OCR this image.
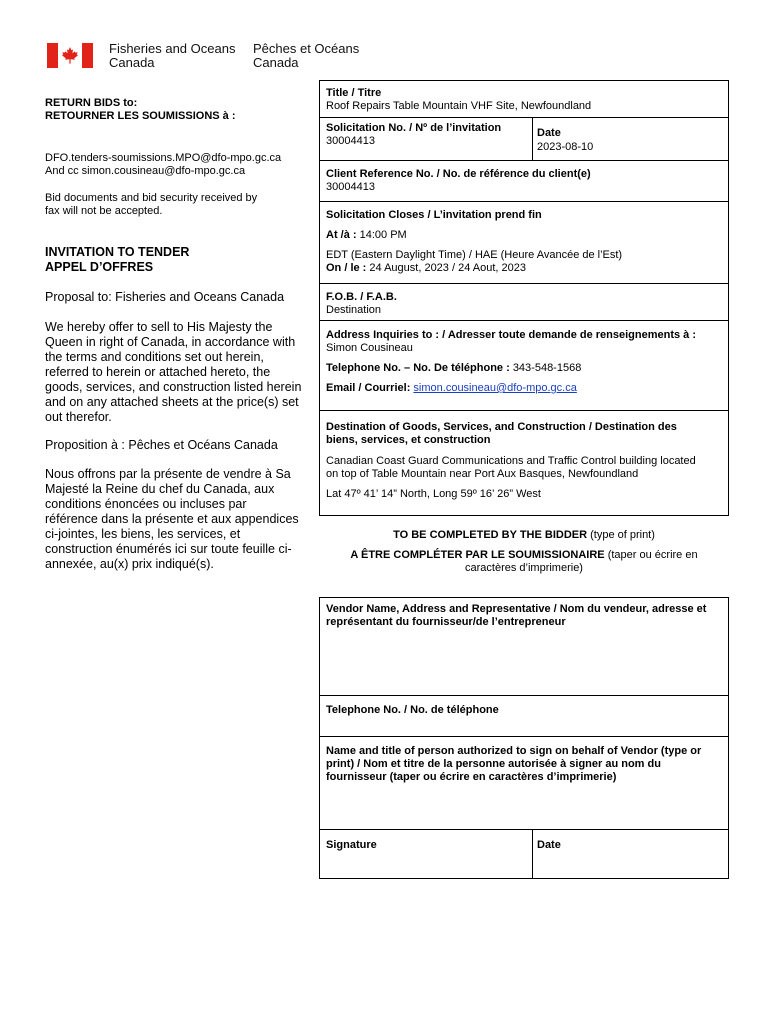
Fisheries and Oceans
Canada
Pêches et Océans
Canada
RETURN BIDS to:
RETOURNER LES SOUMISSIONS à :
DFO.tenders-soumissions.MPO@dfo-mpo.gc.ca
And cc simon.cousineau@dfo-mpo.gc.ca
Bid documents and bid security received by
fax will not be accepted.
INVITATION TO TENDER
APPEL D’OFFRES
Proposal to: Fisheries and Oceans Canada
We hereby offer to sell to His Majesty the Queen in right of Canada, in accordance with the terms and conditions set out herein, referred to herein or attached hereto, the goods, services, and construction listed herein and on any attached sheets at the price(s) set out therefor.
Proposition à : Pêches et Océans Canada
Nous offrons par la présente de vendre à Sa Majesté la Reine du chef du Canada, aux conditions énoncées ou incluses par référence dans la présente et aux appendices ci-jointes, les biens, les services, et construction énumérés ici sur toute feuille ci-annexée, au(x) prix indiqué(s).
Title / Titre
Roof Repairs Table Mountain VHF Site, Newfoundland
Solicitation No. / Nº de l’invitation
30004413
Date
2023-08-10
Client Reference No. / No. de référence du client(e)
30004413
Solicitation Closes / L’invitation prend fin
At /à : 14:00 PM
EDT (Eastern Daylight Time) / HAE (Heure Avancée de l’Est)
On / le : 24 August, 2023 / 24 Aout, 2023
F.O.B. / F.A.B.
Destination
Address Inquiries to : / Adresser toute demande de renseignements à :
Simon Cousineau
Telephone No. – No. De téléphone : 343-548-1568
Email / Courriel: simon.cousineau@dfo-mpo.gc.ca
Destination of Goods, Services, and Construction / Destination des
biens, services, et construction
Canadian Coast Guard Communications and Traffic Control building located
on top of Table Mountain near Port Aux Basques, Newfoundland
Lat 47º 41’ 14” North, Long 59º 16’ 26” West
TO BE COMPLETED BY THE BIDDER (type of print)
A ÊTRE COMPLÉTER PAR LE SOUMISSIONAIRE (taper ou écrire en
caractères d’imprimerie)
Vendor Name, Address and Representative / Nom du vendeur, adresse et
représentant du fournisseur/de l’entrepreneur
Telephone No. / No. de téléphone
Name and title of person authorized to sign on behalf of Vendor (type or
print) / Nom et titre de la personne autorisée à signer au nom du
fournisseur (taper ou écrire en caractères d’imprimerie)
Signature	Date
